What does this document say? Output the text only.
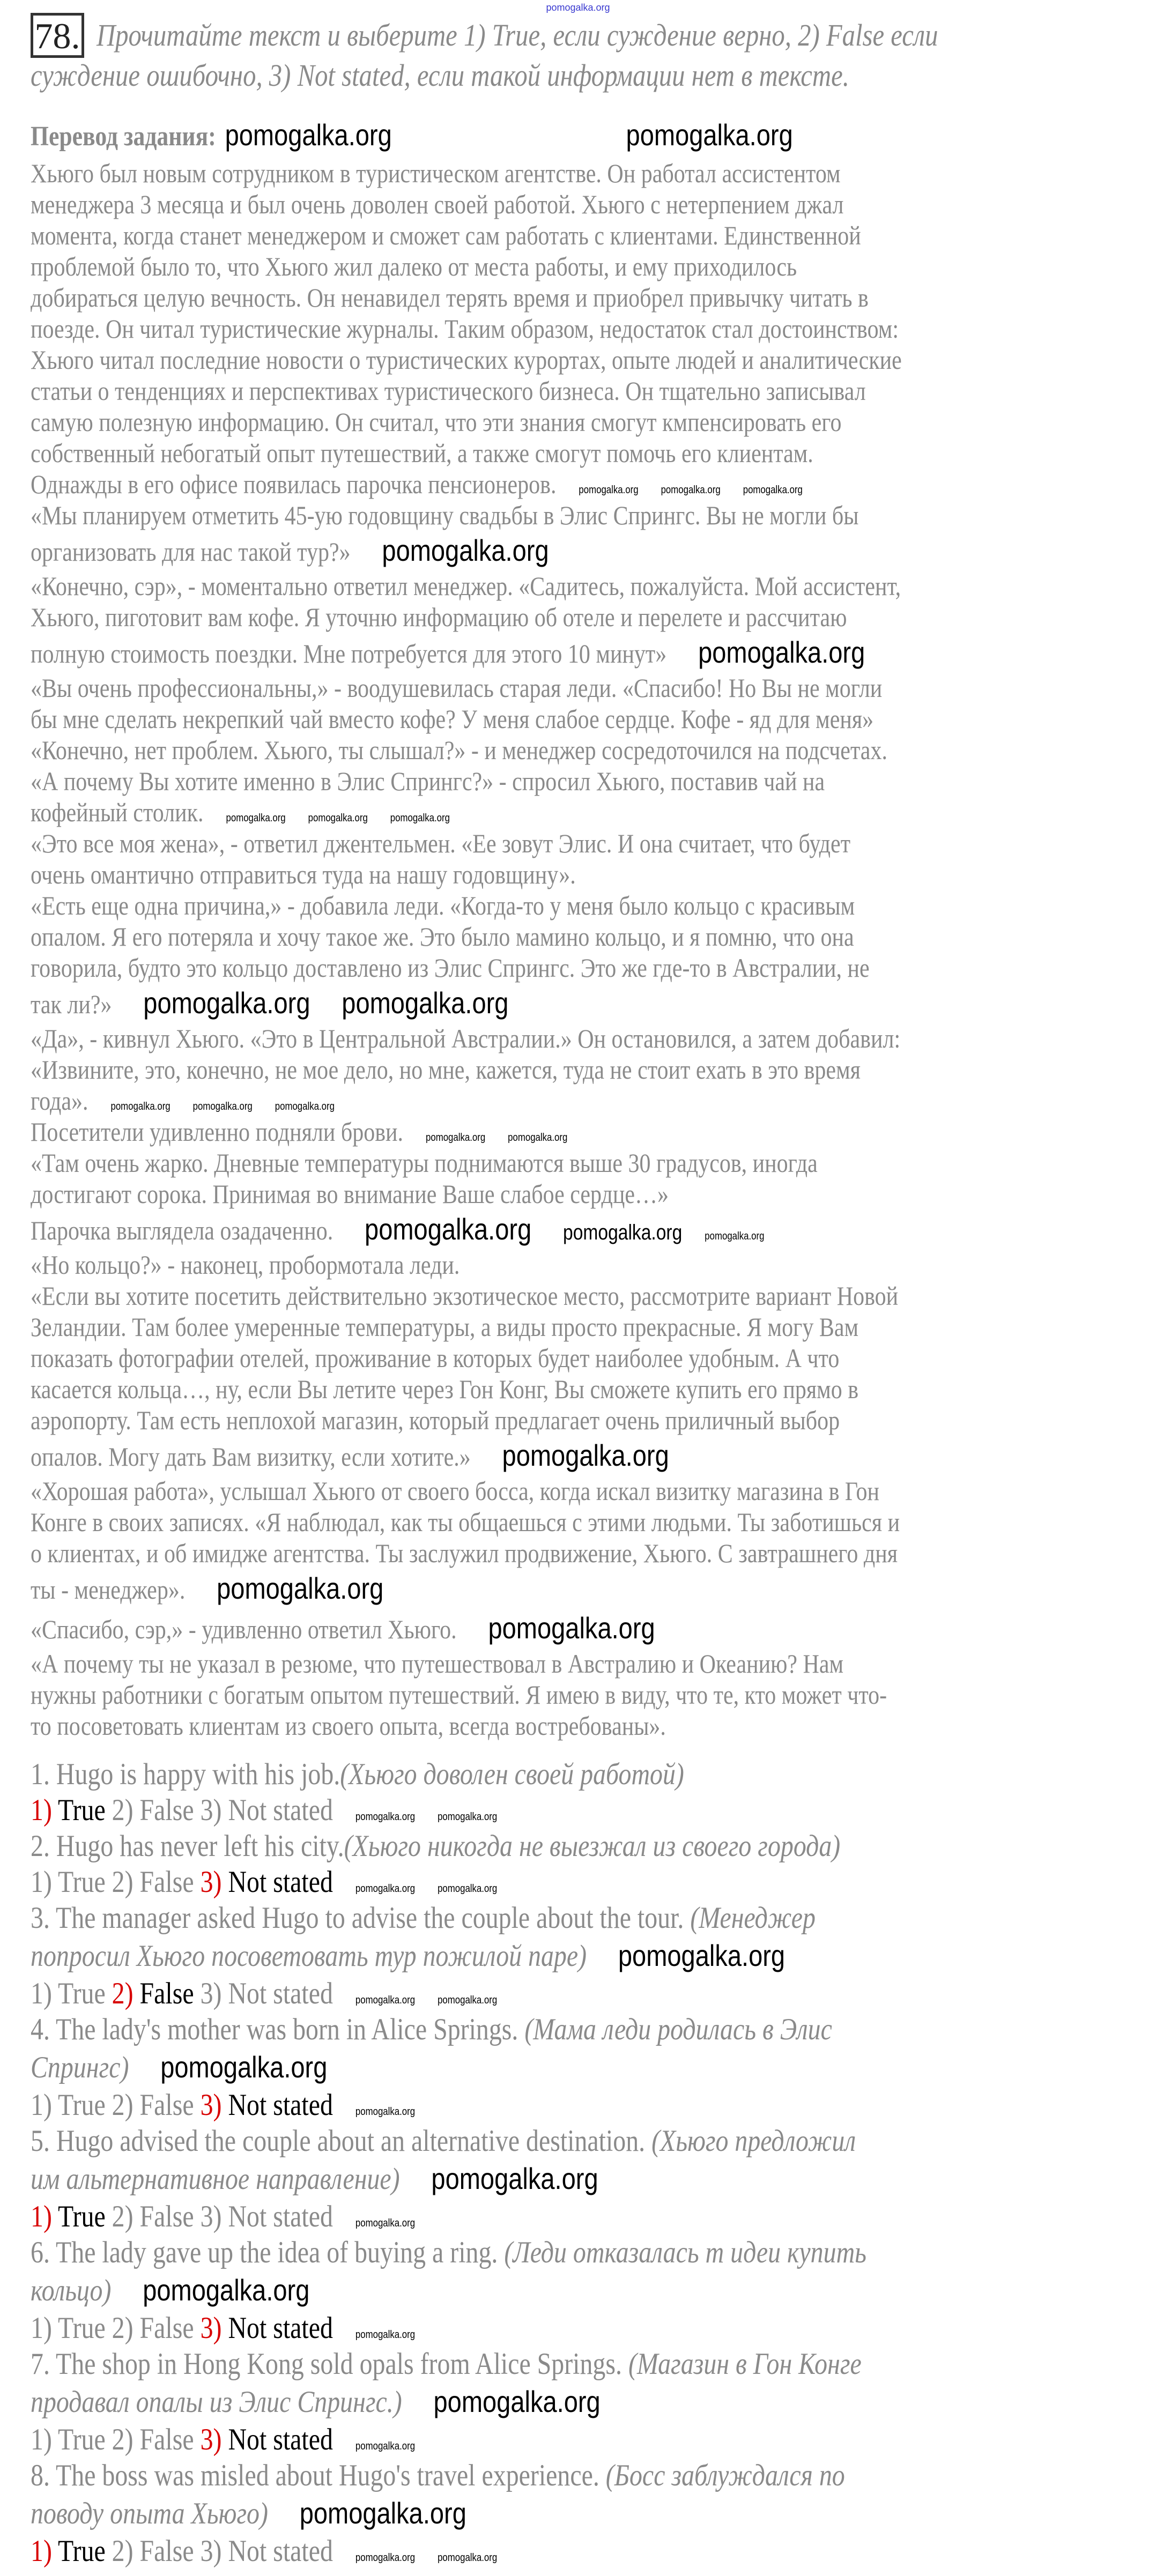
pomogalka.org
78. Прочитайте текст и выберите 1) True, если суждение верно, 2) False если
суждение ошибочно, 3) Not stated, если такой информации нет в тексте.
Перевод задания: pomogalka.org	pomogalka.org
Хьюго был новым сотрудником в туристическом агентстве. Он работал ассистентом
менеджера 3 месяца и был очень доволен своей работой. Хьюго с нетерпением джал
момента, когда станет менеджером и сможет сам работать с клиентами. Единственной
проблемой было то, что Хьюго жил далеко от места работы, и ему приходилось
добираться целую вечность. Он ненавидел терять время и приобрел привычку читать в
поезде. Он читал туристические журналы. Таким образом, недостаток стал достоинством:
Хьюго читал последние новости о туристических курортах, опыте людей и аналитические
статьи о тенденциях и перспективах туристического бизнеса. Он тщательно записывал
самую полезную информацию. Он считал, что эти знания смогут кмпенсировать его
собственный небогатый опыт путешествий, а также смогут помочь его клиентам.
Однажды в его офисе появилась парочка пенсионеров. pomogalka.org pomogalka.org pomogalka.org
«Мы планируем отметить 45-ую годовщину свадьбы в Элис Спрингс. Вы не могли бы
организовать для нас такой тур?» pomogalka.org
«Конечно, сэр», - моментально ответил менеджер. «Садитесь, пожалуйста. Мой ассистент,
Хьюго, пиготовит вам кофе. Я уточню информацию об отеле и перелете и рассчитаю
полную стоимость поездки. Мне потребуется для этого 10 минут» pomogalka.org
«Вы очень профессиональны,» - воодушевилась старая леди. «Спасибо! Но Вы не могли
бы мне сделать некрепкий чай вместо кофе? У меня слабое сердце. Кофе - яд для меня»
«Конечно, нет проблем. Хьюго, ты слышал?» - и менеджер сосредоточился на подсчетах.
«А почему Вы хотите именно в Элис Спрингс?» - спросил Хьюго, поставив чай на
кофейный столик. pomogalka.org pomogalka.org pomogalka.org
«Это все моя жена», - ответил джентельмен. «Ее зовут Элис. И она считает, что будет
очень омантично отправиться туда на нашу годовщину».
«Есть еще одна причина,» - добавила леди. «Когда-то у меня было кольцо с красивым
опалом. Я его потеряла и хочу такое же. Это было мамино кольцо, и я помню, что она
говорила, будто это кольцо доставлено из Элис Спрингс. Это же где-то в Австралии, не
так ли?» pomogalka.org pomogalka.org
«Да», - кивнул Хьюго. «Это в Центральной Австралии.» Он остановился, а затем добавил:
«Извините, это, конечно, не мое дело, но мне, кажется, туда не стоит ехать в это время
года». pomogalka.org pomogalka.org pomogalka.org
Посетители удивленно подняли брови. pomogalka.org pomogalka.org
«Там очень жарко. Дневные температуры поднимаются выше 30 градусов, иногда
достигают сорока. Принимая во внимание Ваше слабое сердце…»
Парочка выглядела озадаченно. pomogalka.org pomogalka.org pomogalka.org
«Но кольцо?» - наконец, пробормотала леди.
«Если вы хотите посетить действительно экзотическое место, рассмотрите вариант Новой
Зеландии. Там более умеренные температуры, а виды просто прекрасные. Я могу Вам
показать фотографии отелей, проживание в которых будет наиболее удобным. А что
касается кольца…, ну, если Вы летите через Гон Конг, Вы сможете купить его прямо в
аэропорту. Там есть неплохой магазин, который предлагает очень приличный выбор
опалов. Могу дать Вам визитку, если хотите.» pomogalka.org
«Хорошая работа», услышал Хьюго от своего босса, когда искал визитку магазина в Гон
Конге в своих записях. «Я наблюдал, как ты общаешься с этими людьми. Ты заботишься и
о клиентах, и об имидже агентства. Ты заслужил продвижение, Хьюго. С завтрашнего дня
ты - менеджер». pomogalka.org
«Спасибо, сэр,» - удивленно ответил Хьюго. pomogalka.org
«А почему ты не указал в резюме, что путешествовал в Австралию и Океанию? Нам
нужны работники с богатым опытом путешествий. Я имею в виду, что те, кто может что-
то посоветовать клиентам из своего опыта, всегда востребованы».
1. Hugo is happy with his job.(Хьюго доволен своей работой)
1) True 2) False 3) Not stated pomogalka.org pomogalka.org
2. Hugo has never left his city.(Хьюго никогда не выезжал из своего города)
1) True 2) False 3) Not stated pomogalka.org pomogalka.org
3. The manager asked Hugo to advise the couple about the tour. (Менеджер
попросил Хьюго посоветовать тур пожилой паре) pomogalka.org
1) True 2) False 3) Not stated pomogalka.org pomogalka.org
4. The lady's mother was born in Alice Springs. (Мама леди родилась в Элис
Спрингс) pomogalka.org
1) True 2) False 3) Not stated pomogalka.org
5. Hugo advised the couple about an alternative destination. (Хьюго предложил
им альтернативное направление) pomogalka.org
1) True 2) False 3) Not stated pomogalka.org
6. The lady gave up the idea of buying a ring. (Леди отказалась т идеи купить
кольцо) pomogalka.org
1) True 2) False 3) Not stated pomogalka.org
7. The shop in Hong Kong sold opals from Alice Springs. (Магазин в Гон Конге
продавал опалы из Элис Спрингс.) pomogalka.org
1) True 2) False 3) Not stated pomogalka.org
8. The boss was misled about Hugo's travel experience. (Босс заблуждался по
поводу опыта Хьюго) pomogalka.org
1) True 2) False 3) Not stated pomogalka.org pomogalka.org
